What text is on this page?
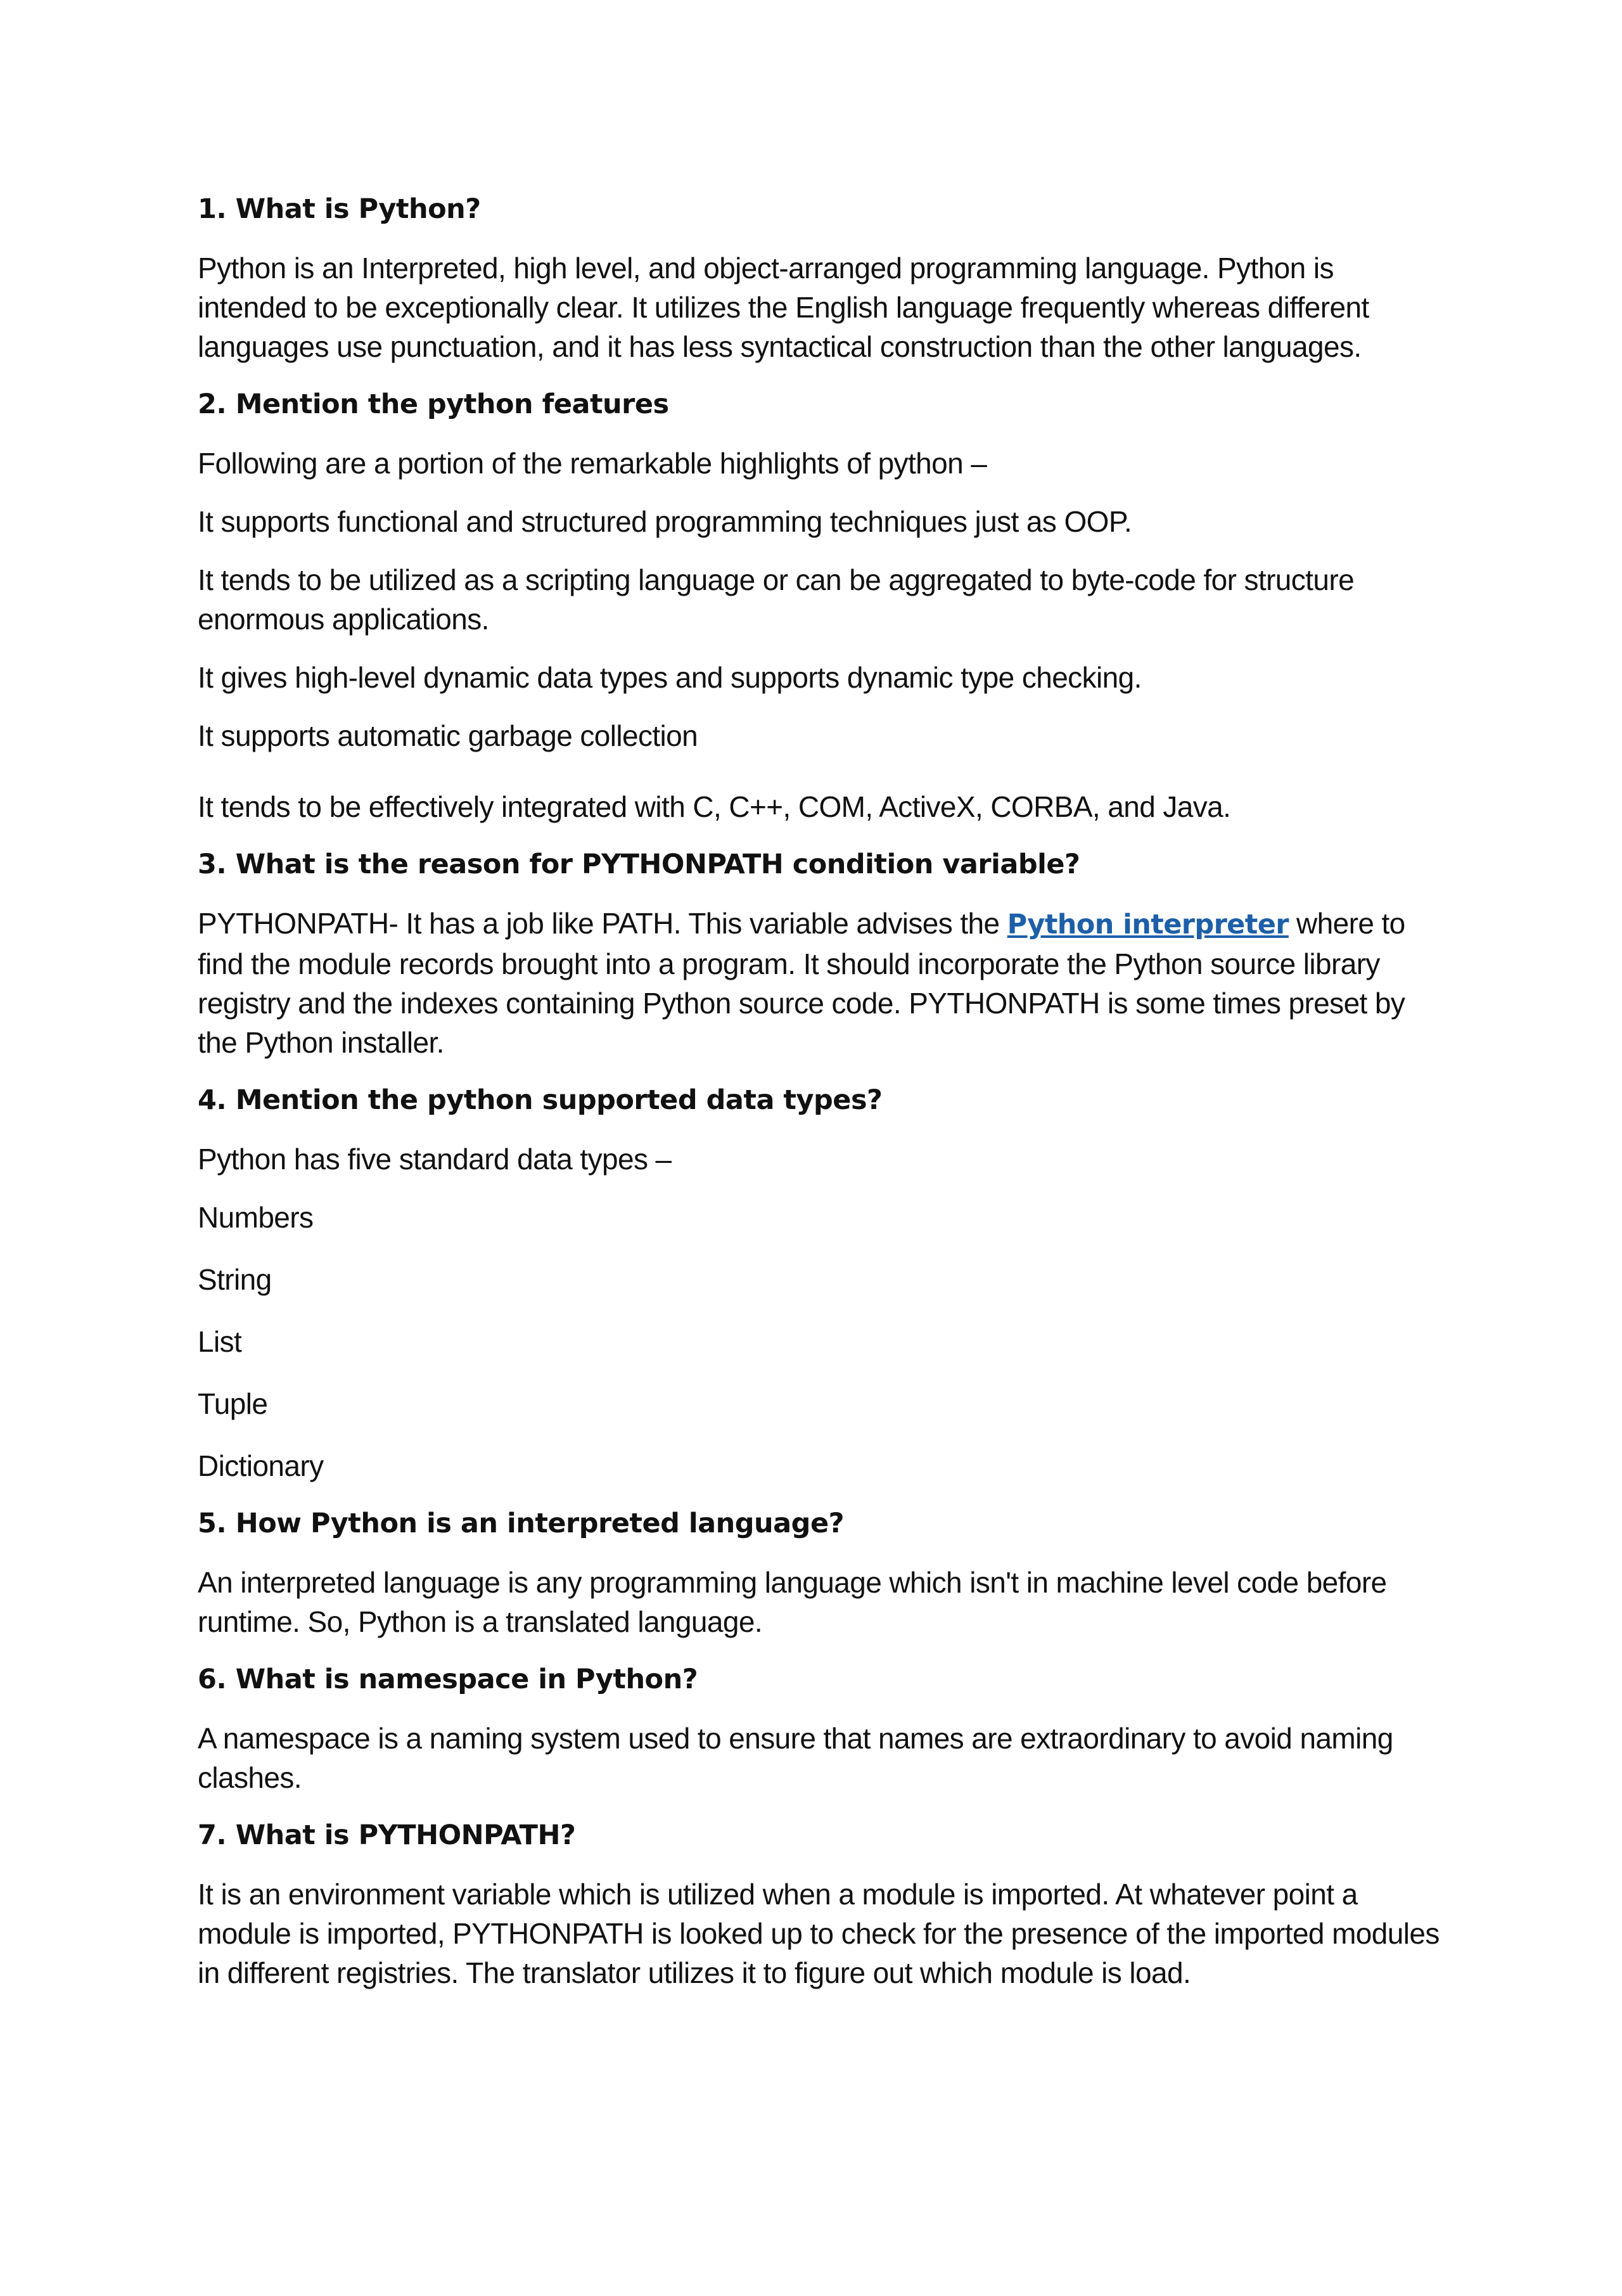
1. What is Python?
Python is an Interpreted, high level, and object-arranged programming language. Python is intended to be exceptionally clear. It utilizes the English language frequently whereas different languages use punctuation, and it has less syntactical construction than the other languages.
2. Mention the python features
Following are a portion of the remarkable highlights of python –
It supports functional and structured programming techniques just as OOP.
It tends to be utilized as a scripting language or can be aggregated to byte-code for structure enormous applications.
It gives high-level dynamic data types and supports dynamic type checking.
It supports automatic garbage collection
It tends to be effectively integrated with C, C++, COM, ActiveX, CORBA, and Java.
3. What is the reason for PYTHONPATH condition variable?
PYTHONPATH- It has a job like PATH. This variable advises the Python interpreter where to find the module records brought into a program. It should incorporate the Python source library registry and the indexes containing Python source code. PYTHONPATH is some times preset by the Python installer.
4. Mention the python supported data types?
Python has five standard data types –
Numbers
String
List
Tuple
Dictionary
5. How Python is an interpreted language?
An interpreted language is any programming language which isn't in machine level code before runtime. So, Python is a translated language.
6. What is namespace in Python?
A namespace is a naming system used to ensure that names are extraordinary to avoid naming clashes.
7. What is PYTHONPATH?
It is an environment variable which is utilized when a module is imported. At whatever point a module is imported, PYTHONPATH is looked up to check for the presence of the imported modules in different registries. The translator utilizes it to figure out which module is load.
